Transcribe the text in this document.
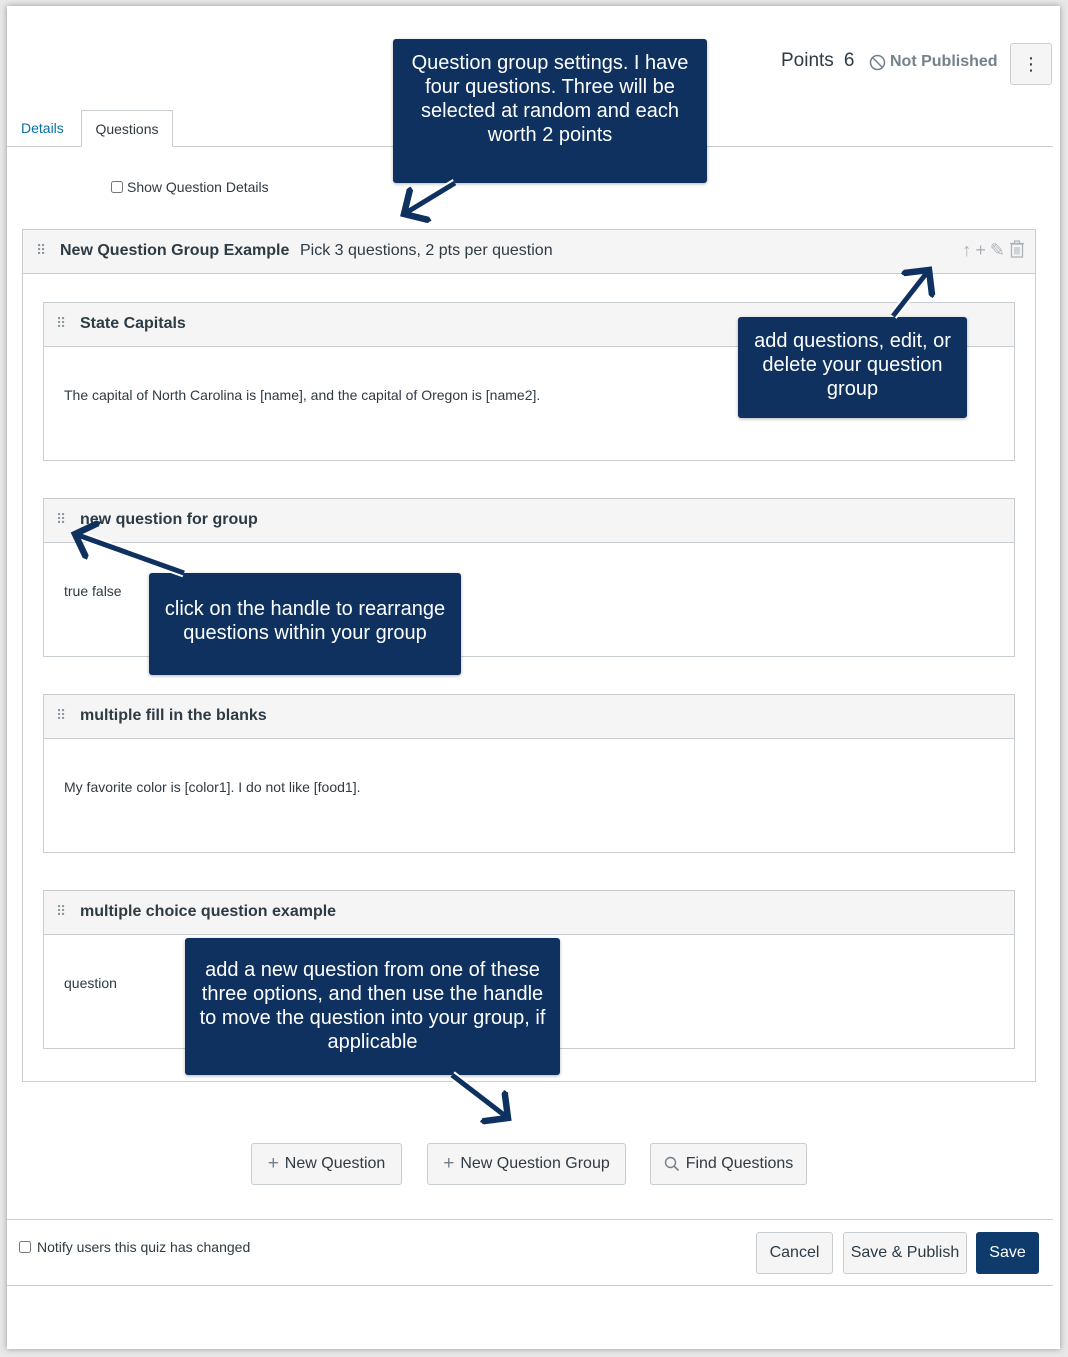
Points 6 Not Published ⋮
Details	Questions
Show Question Details
⠿ New Question Group Example Pick 3 questions, 2 pts per question	↑ + ✎
⠿ State Capitals
The capital of North Carolina is [name], and the capital of Oregon is [name2].
⠿ new question for group
true false
⠿ multiple fill in the blanks
My favorite color is [color1]. I do not like [food1].
⠿ multiple choice question example
question
+ New Question	+ New Question Group	Find Questions
Notify users this quiz has changed	Cancel	Save & Publish	Save
Question group settings. I have four questions. Three will be selected at random and each worth 2 points
add questions, edit, or delete your question group
click on the handle to rearrange questions within your group
add a new question from one of these three options, and then use the handle to move the question into your group, if applicable
